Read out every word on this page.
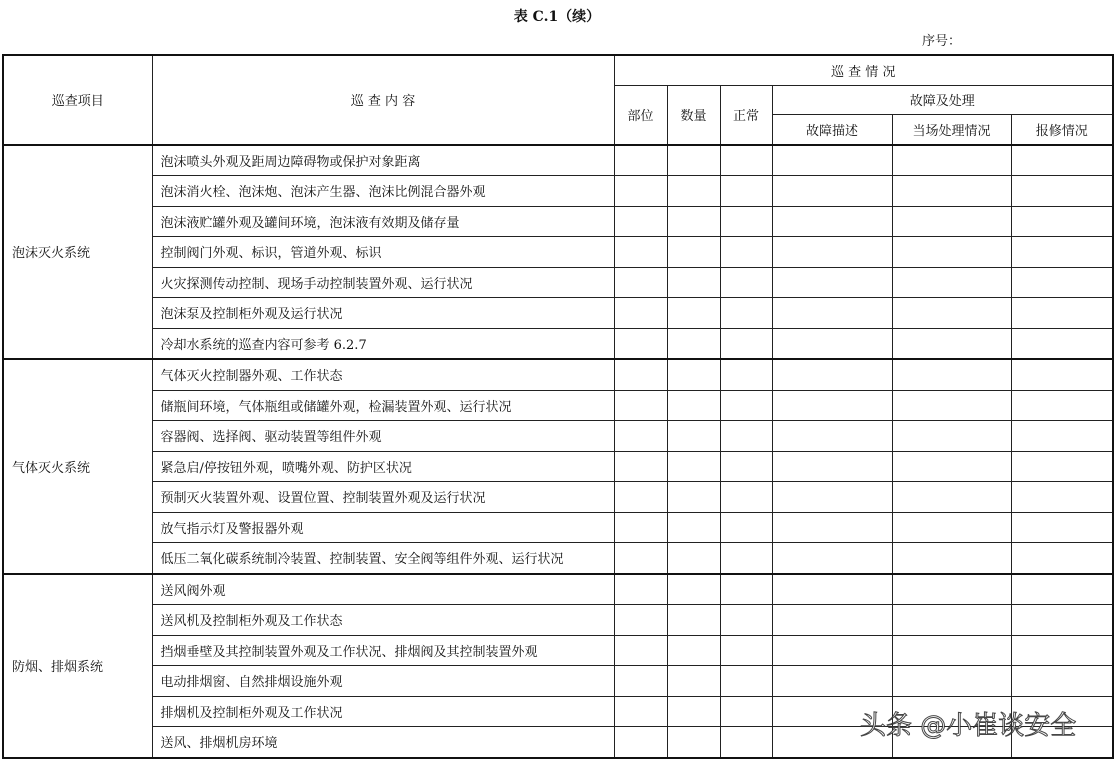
表 C.1（续）
序号：
巡查项目	巡 查 内 容	巡 查 情 况					
		部位	数量	正常	故障及处理		
					故障描述	当场处理情况	报修情况
泡沫灭火系统	泡沫喷头外观及距周边障碍物或保护对象距离						
	泡沫消火栓、泡沫炮、泡沫产生器、泡沫比例混合器外观						
	泡沫液贮罐外观及罐间环境，泡沫液有效期及储存量						
	控制阀门外观、标识，管道外观、标识						
	火灾探测传动控制、现场手动控制装置外观、运行状况						
	泡沫泵及控制柜外观及运行状况						
	冷却水系统的巡查内容可参考 6.2.7						
气体灭火系统	气体灭火控制器外观、工作状态						
	储瓶间环境，气体瓶组或储罐外观，检漏装置外观、运行状况						
	容器阀、选择阀、驱动装置等组件外观						
	紧急启/停按钮外观，喷嘴外观、防护区状况						
	预制灭火装置外观、设置位置、控制装置外观及运行状况						
	放气指示灯及警报器外观						
	低压二氧化碳系统制冷装置、控制装置、安全阀等组件外观、运行状况						
防烟、排烟系统	送风阀外观						
	送风机及控制柜外观及工作状态						
	挡烟垂壁及其控制装置外观及工作状况、排烟阀及其控制装置外观						
	电动排烟窗、自然排烟设施外观						
	排烟机及控制柜外观及工作状况						
	送风、排烟机房环境						
头条 @小崔谈安全
